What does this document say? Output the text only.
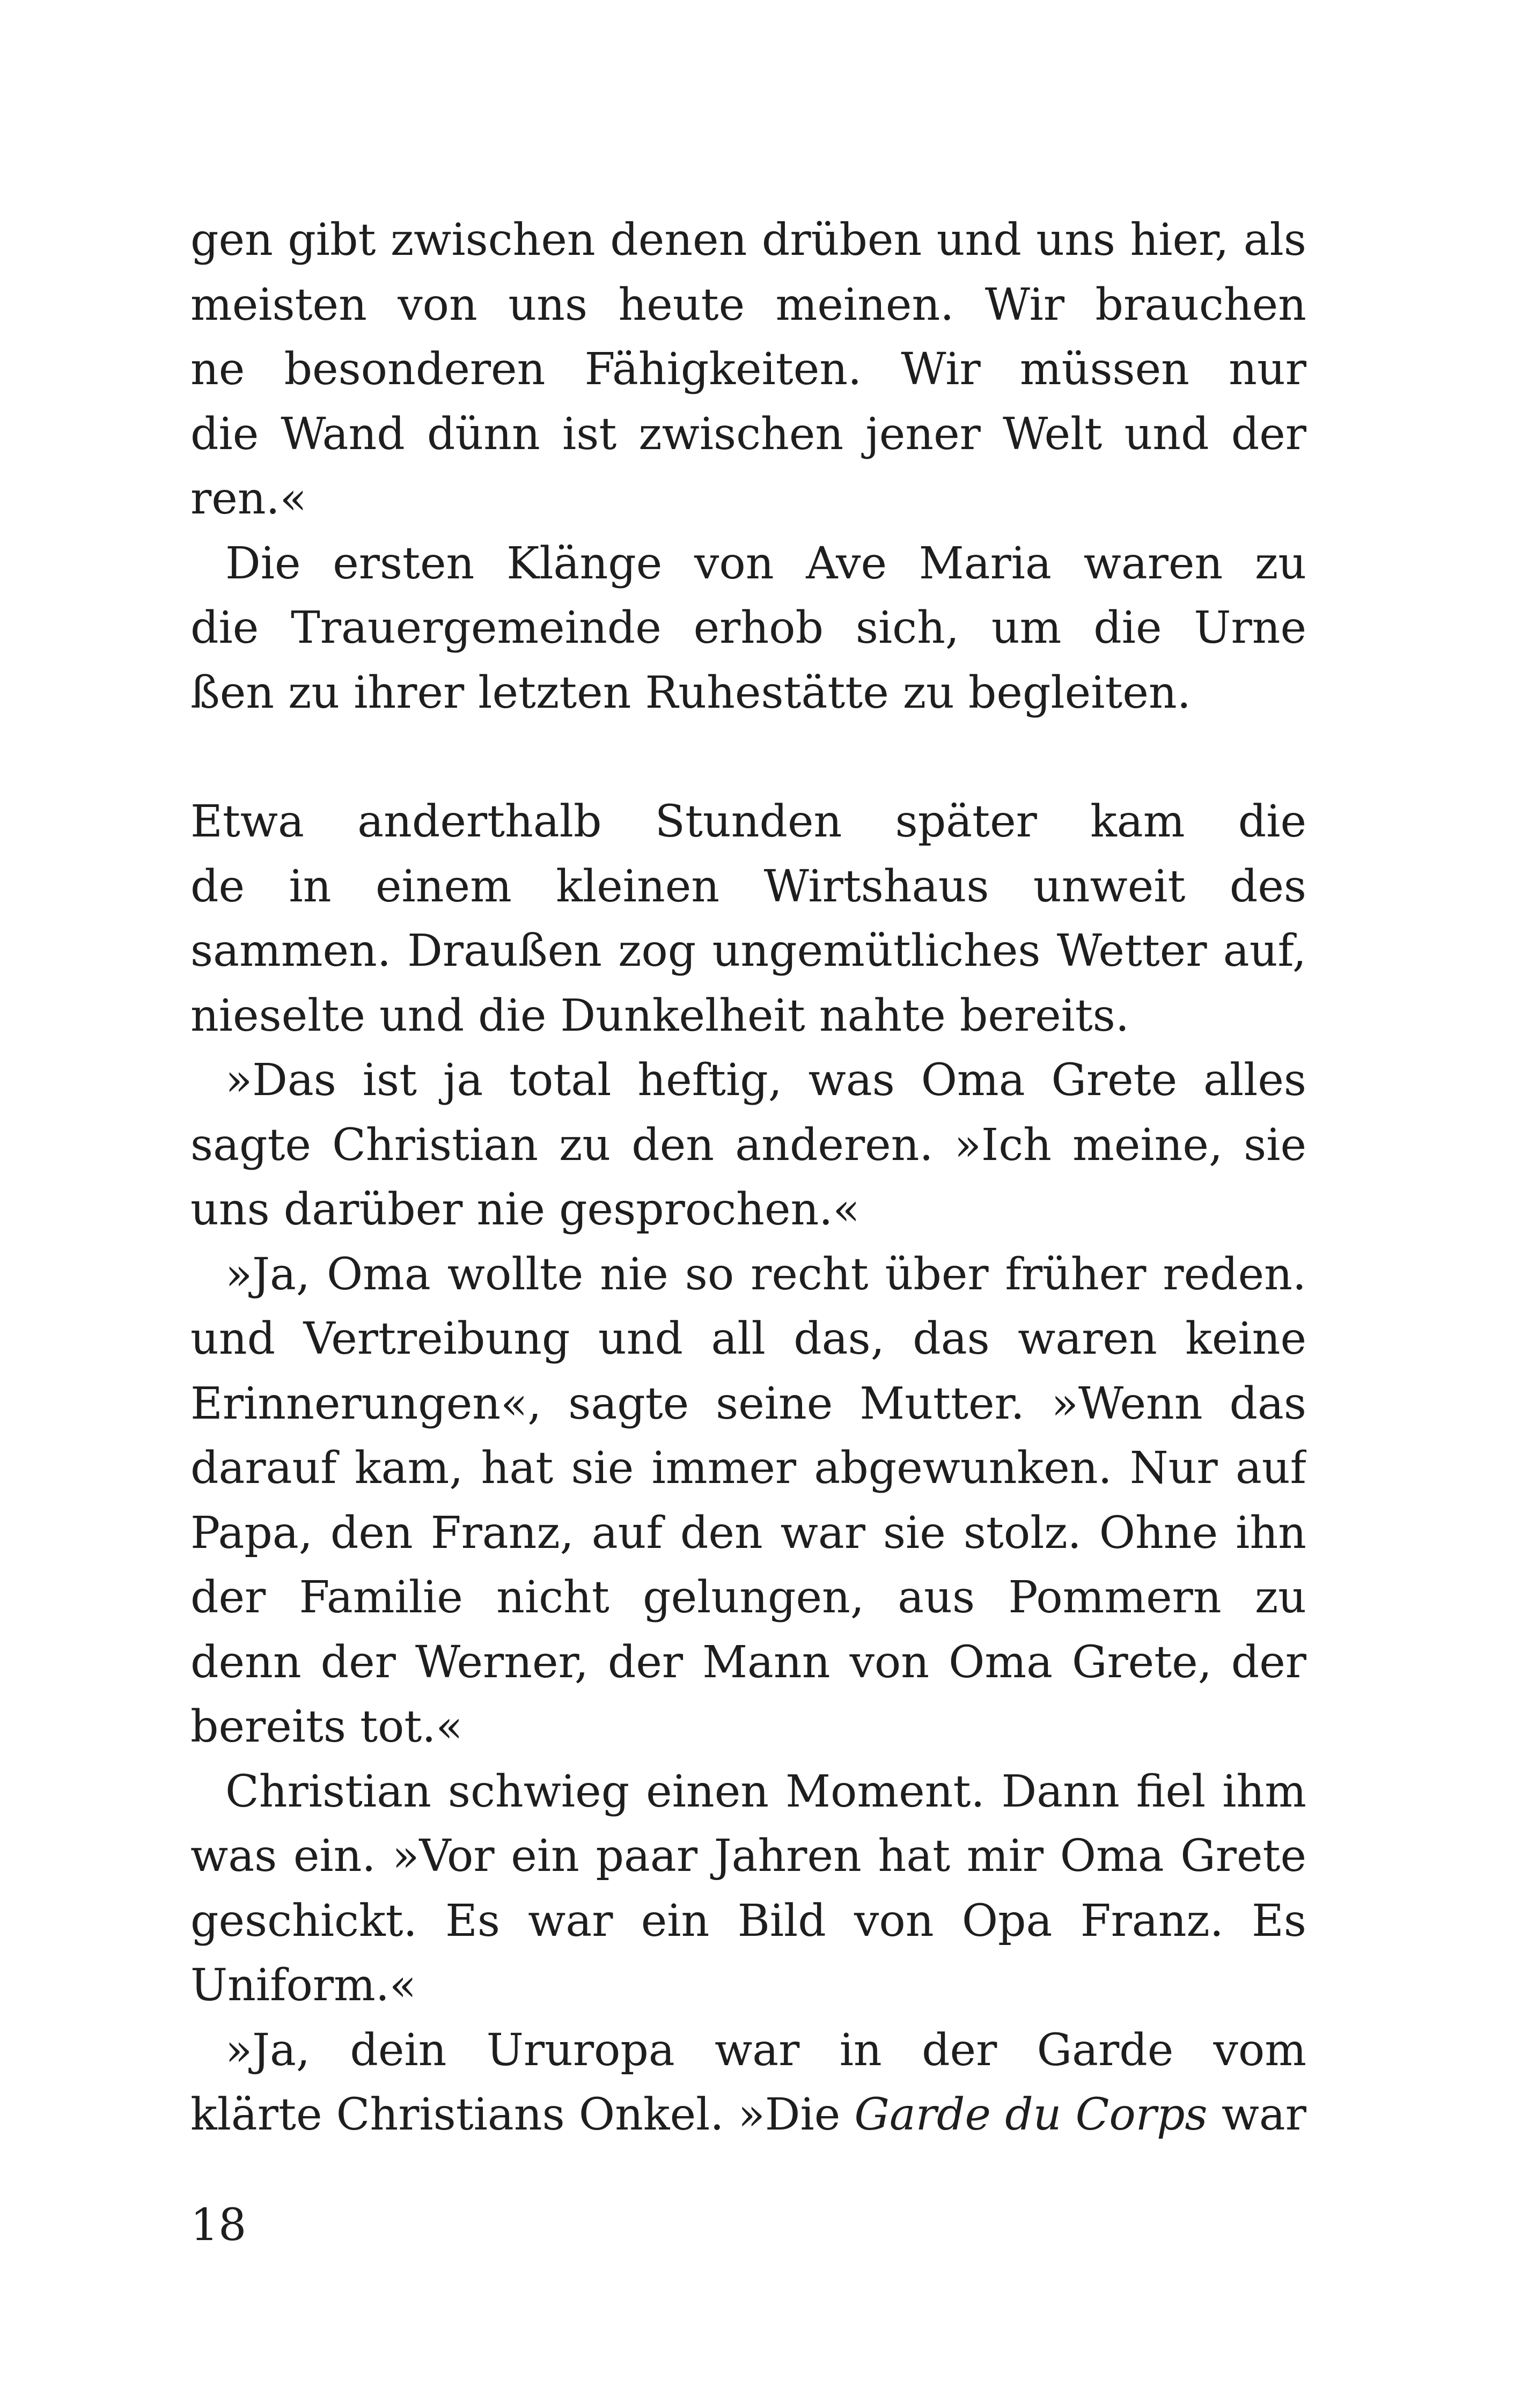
gen gibt zwischen denen drüben und uns hier, als
meisten von uns heute meinen. Wir brauchen
ne besonderen Fähigkeiten. Wir müssen nur
die Wand dünn ist zwischen jener Welt und der
ren.«
Die ersten Klänge von Ave Maria waren zu
die Trauergemeinde erhob sich, um die Urne
ßen zu ihrer letzten Ruhestätte zu begleiten.
Etwa anderthalb Stunden später kam die
de in einem kleinen Wirtshaus unweit des
sammen. Draußen zog ungemütliches Wetter auf,
nieselte und die Dunkelheit nahte bereits.
»Das ist ja total heftig, was Oma Grete alles
sagte Christian zu den anderen. »Ich meine, sie
uns darüber nie gesprochen.«
»Ja, Oma wollte nie so recht über früher reden.
und Vertreibung und all das, das waren keine
Erinnerungen«, sagte seine Mutter. »Wenn das
darauf kam, hat sie immer abgewunken. Nur auf
Papa, den Franz, auf den war sie stolz. Ohne ihn
der Familie nicht gelungen, aus Pommern zu
denn der Werner, der Mann von Oma Grete, der
bereits tot.«
Christian schwieg einen Moment. Dann fiel ihm
was ein. »Vor ein paar Jahren hat mir Oma Grete
geschickt. Es war ein Bild von Opa Franz. Es
Uniform.«
»Ja, dein Ururopa war in der Garde vom
klärte Christians Onkel. »Die Garde du Corps war
18
